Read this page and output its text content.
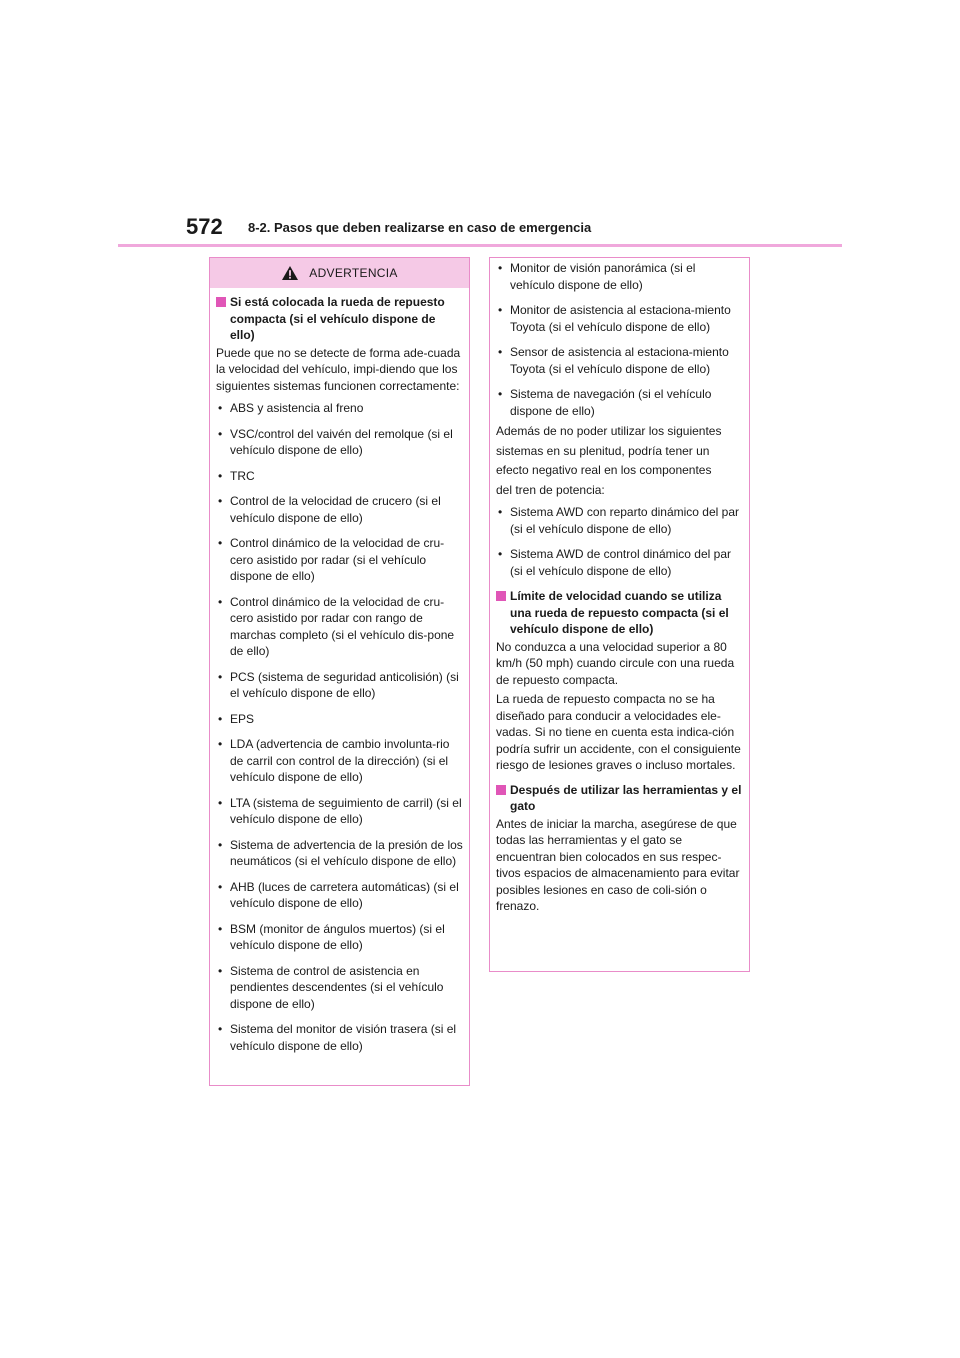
572 8-2. Pasos que deben realizarse en caso de emergencia
ADVERTENCIA
Si está colocada la rueda de repuesto compacta (si el vehículo dispone de ello)

Puede que no se detecte de forma ade-cuada la velocidad del vehículo, impi-diendo que los siguientes sistemas funcionen correctamente:

• ABS y asistencia al freno
• VSC/control del vaivén del remolque (si el vehículo dispone de ello)
• TRC
• Control de la velocidad de crucero (si el vehículo dispone de ello)
• Control dinámico de la velocidad de cru-cero asistido por radar (si el vehículo dispone de ello)
• Control dinámico de la velocidad de cru-cero asistido por radar con rango de marchas completo (si el vehículo dis-pone de ello)
• PCS (sistema de seguridad anticolisión) (si el vehículo dispone de ello)
• EPS
• LDA (advertencia de cambio involunta-rio de carril con control de la dirección) (si el vehículo dispone de ello)
• LTA (sistema de seguimiento de carril) (si el vehículo dispone de ello)
• Sistema de advertencia de la presión de los neumáticos (si el vehículo dispone de ello)
• AHB (luces de carretera automáticas) (si el vehículo dispone de ello)
• BSM (monitor de ángulos muertos) (si el vehículo dispone de ello)
• Sistema de control de asistencia en pendientes descendentes (si el vehículo dispone de ello)
• Sistema del monitor de visión trasera (si el vehículo dispone de ello)
• Monitor de visión panorámica (si el vehículo dispone de ello)
• Monitor de asistencia al estaciona-miento Toyota (si el vehículo dispone de ello)
• Sensor de asistencia al estaciona-miento Toyota (si el vehículo dispone de ello)
• Sistema de navegación (si el vehículo dispone de ello)

Además de no poder utilizar los siguientes

sistemas en su plenitud, podría tener un

efecto negativo real en los componentes

del tren de potencia:

• Sistema AWD con reparto dinámico del par (si el vehículo dispone de ello)
• Sistema AWD de control dinámico del par (si el vehículo dispone de ello)
Límite de velocidad cuando se utiliza una rueda de repuesto compacta (si el vehículo dispone de ello)

No conduzca a una velocidad superior a 80 km/h (50 mph) cuando circule con una rueda de repuesto compacta.

La rueda de repuesto compacta no se ha diseñado para conducir a velocidades ele-vadas. Si no tiene en cuenta esta indica-ción podría sufrir un accidente, con el consiguiente riesgo de lesiones graves o incluso mortales.

Después de utilizar las herramientas y el gato

Antes de iniciar la marcha, asegúrese de que todas las herramientas y el gato se encuentran bien colocados en sus respec-tivos espacios de almacenamiento para evitar posibles lesiones en caso de coli-sión o frenazo.
